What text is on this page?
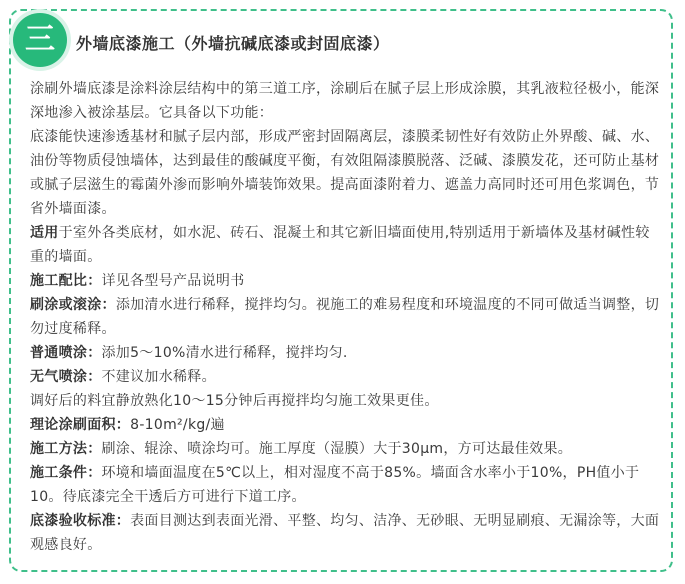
三	外墙底漆施工（外墙抗碱底漆或封固底漆）

涂刷外墙底漆是涂料涂层结构中的第三道工序，涂刷后在腻子层上形成涂膜，其乳液粒径极小，能深深地渗入被涂基层。它具备以下功能：

底漆能快速渗透基材和腻子层内部，形成严密封固隔离层，漆膜柔韧性好有效防止外界酸、碱、水、油份等物质侵蚀墙体，达到最佳的酸碱度平衡，有效阻隔漆膜脱落、泛碱、漆膜发花，还可防止基材或腻子层滋生的霉菌外渗而影响外墙装饰效果。提高面漆附着力、遮盖力高同时还可用色浆调色，节省外墙面漆。

适用于室外各类底材，如水泥、砖石、混凝土和其它新旧墙面使用,特别适用于新墙体及基材碱性较重的墙面。

施工配比：详见各型号产品说明书

刷涂或滚涂：添加清水进行稀释，搅拌均匀。视施工的难易程度和环境温度的不同可做适当调整，切勿过度稀释。

普通喷涂：添加5～10%清水进行稀释，搅拌均匀.

无气喷涂：不建议加水稀释。

调好后的料宜静放熟化10～15分钟后再搅拌均匀施工效果更佳。

理论涂刷面积：8-10m²/kg/遍

施工方法：刷涂、辊涂、喷涂均可。施工厚度（湿膜）大于30μm，方可达最佳效果。

施工条件：环境和墙面温度在5℃以上，相对湿度不高于85%。墙面含水率小于10%，PH值小于10。待底漆完全干透后方可进行下道工序。

底漆验收标准：表面目测达到表面光滑、平整、均匀、洁净、无砂眼、无明显刷痕、无漏涂等，大面观感良好。
